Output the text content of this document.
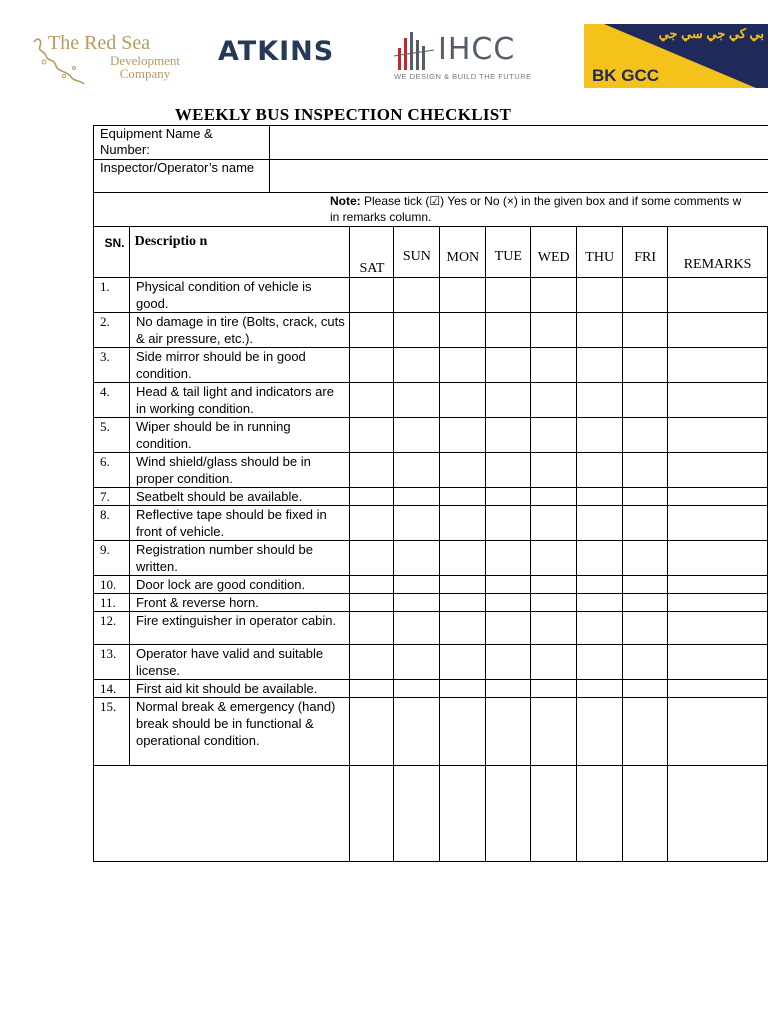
The Red Sea
Development
Company
ATKINS	IHCC
WE DESIGN & BUILD THE FUTURE
بي كي جي سي جي
BK GCC
WEEKLY BUS INSPECTION CHECKLIST
Equipment Name & Number:
Inspector/Operator’s name
Note: Please tick (☑) Yes or No (×) in the given box and if some comments w
in remarks column.
SN.	Descriptio n	SAT	SUN	MON	TUE	WED	THU	FRI	REMARKS
1.	Physical condition of vehicle is good.								
2.	No damage in tire (Bolts, crack, cuts & air pressure, etc.).								
3.	Side mirror should be in good condition.								
4.	Head & tail light and indicators are in working condition.								
5.	Wiper should be in running condition.								
6.	Wind shield/glass should be in proper condition.								
7.	Seatbelt should be available.								
8.	Reflective tape should be fixed in front of vehicle.								
9.	Registration number should be written.								
10.	Door lock are good condition.								
11.	Front & reverse horn.								
12.	Fire extinguisher in operator cabin.								
13.	Operator have valid and suitable license.								
14.	First aid kit should be available.								
15.	Normal break & emergency (hand) break should be in functional & operational condition.								
